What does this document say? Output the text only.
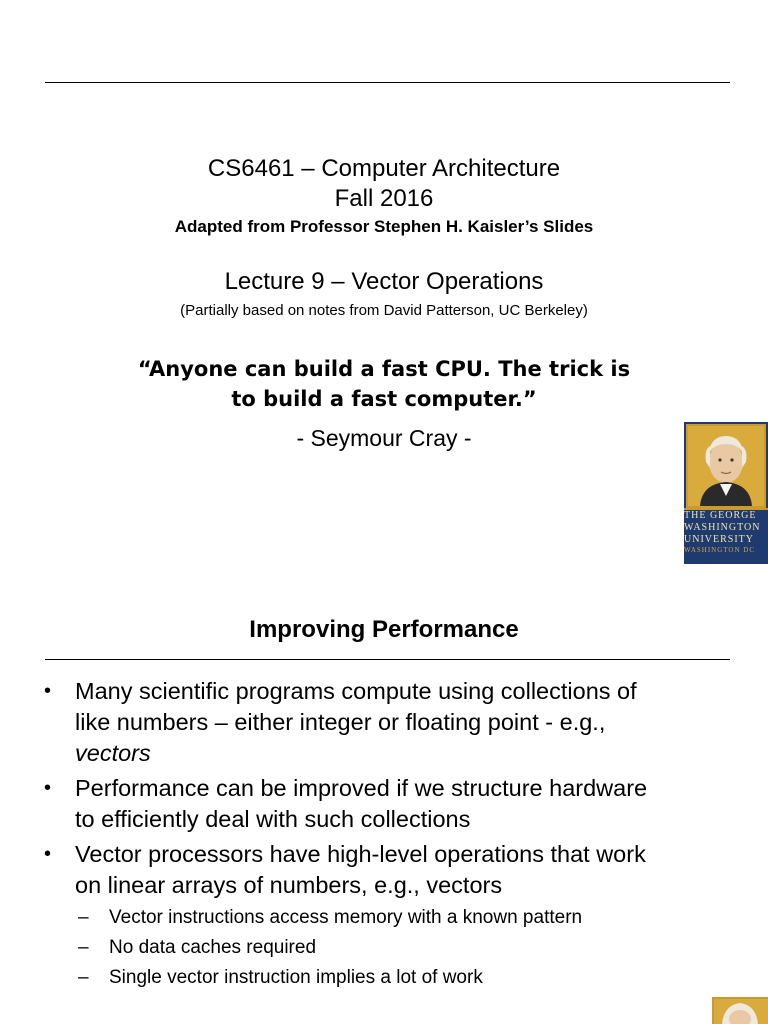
CS6461 – Computer Architecture
Fall 2016
Adapted from Professor Stephen H. Kaisler’s Slides
Lecture 9 – Vector Operations
(Partially based on notes from David Patterson, UC Berkeley)
“Anyone can build a fast CPU. The trick is
to build a fast computer.”
- Seymour Cray -
THE GEORGE
WASHINGTON
UNIVERSITY
WASHINGTON DC
Improving Performance
• Many scientific programs compute using collections of
like numbers – either integer or floating point - e.g.,
vectors
• Performance can be improved if we structure hardware
to efficiently deal with such collections
• Vector processors have high-level operations that work
on linear arrays of numbers, e.g., vectors
– Vector instructions access memory with a known pattern
– No data caches required
– Single vector instruction implies a lot of work
